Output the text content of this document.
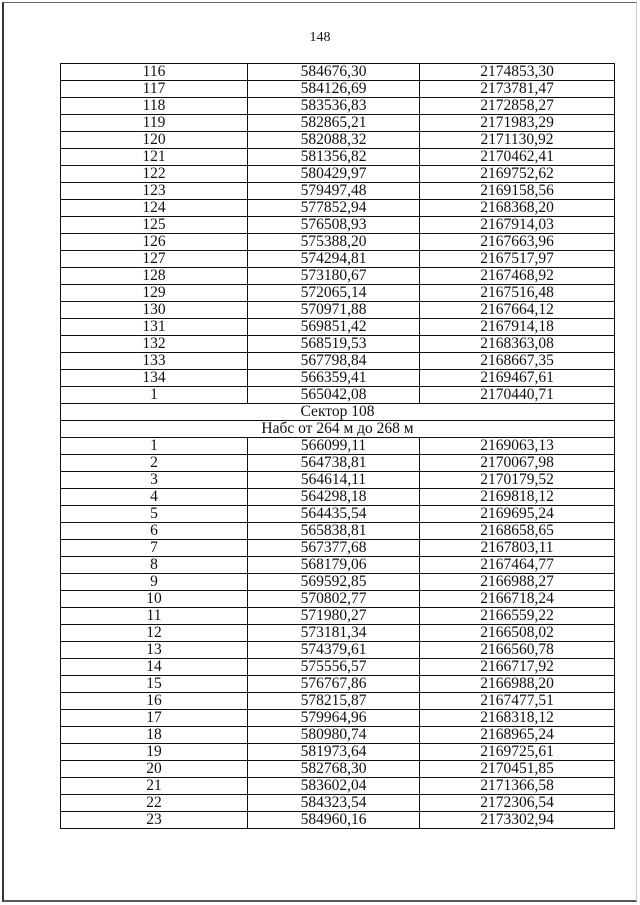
148
116	584676,30	2174853,30
117	584126,69	2173781,47
118	583536,83	2172858,27
119	582865,21	2171983,29
120	582088,32	2171130,92
121	581356,82	2170462,41
122	580429,97	2169752,62
123	579497,48	2169158,56
124	577852,94	2168368,20
125	576508,93	2167914,03
126	575388,20	2167663,96
127	574294,81	2167517,97
128	573180,67	2167468,92
129	572065,14	2167516,48
130	570971,88	2167664,12
131	569851,42	2167914,18
132	568519,53	2168363,08
133	567798,84	2168667,35
134	566359,41	2169467,61
1	565042,08	2170440,71
Сектор 108		
Набс от 264 м до 268 м		
1	566099,11	2169063,13
2	564738,81	2170067,98
3	564614,11	2170179,52
4	564298,18	2169818,12
5	564435,54	2169695,24
6	565838,81	2168658,65
7	567377,68	2167803,11
8	568179,06	2167464,77
9	569592,85	2166988,27
10	570802,77	2166718,24
11	571980,27	2166559,22
12	573181,34	2166508,02
13	574379,61	2166560,78
14	575556,57	2166717,92
15	576767,86	2166988,20
16	578215,87	2167477,51
17	579964,96	2168318,12
18	580980,74	2168965,24
19	581973,64	2169725,61
20	582768,30	2170451,85
21	583602,04	2171366,58
22	584323,54	2172306,54
23	584960,16	2173302,94
